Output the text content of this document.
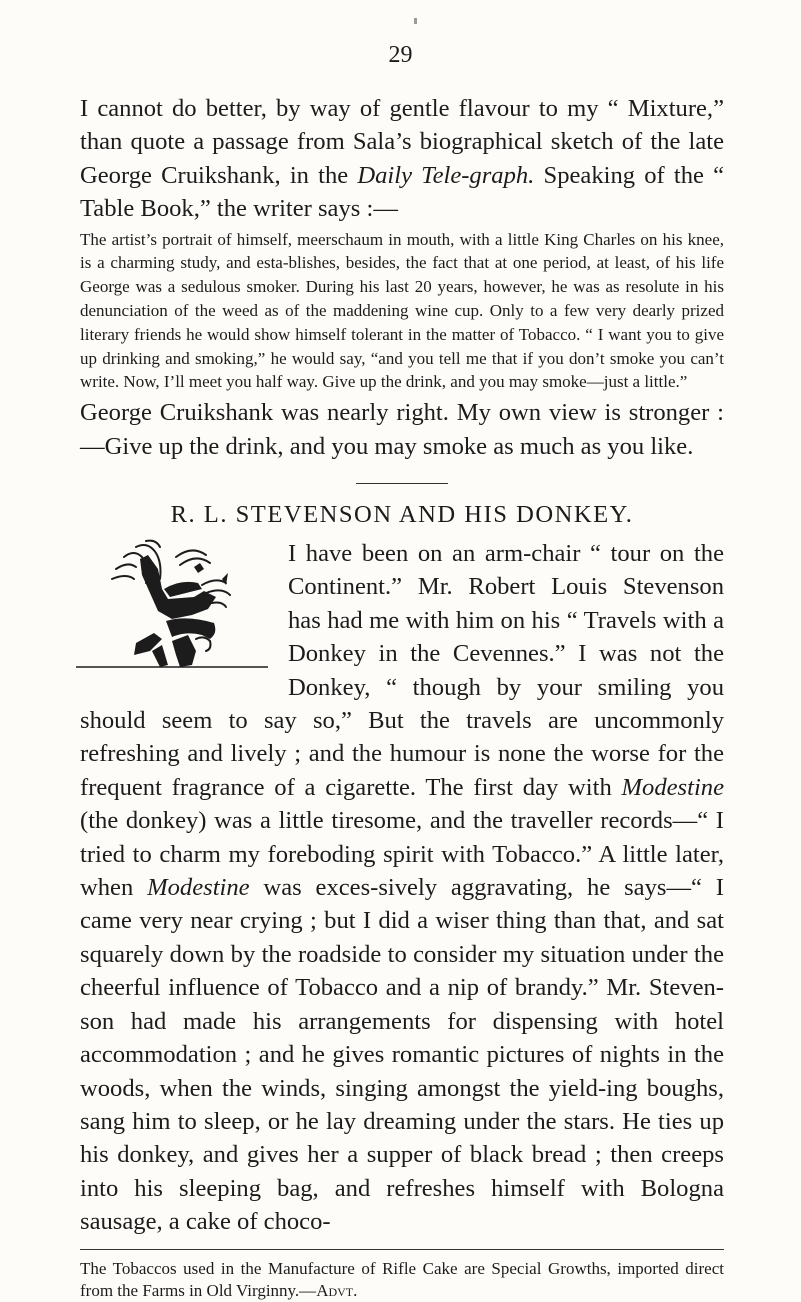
29

I cannot do better, by way of gentle flavour to my “ Mixture,” than quote a passage from Sala’s biographical sketch of the late George Cruikshank, in the Daily Tele-graph. Speaking of the “ Table Book,” the writer says :—

The artist’s portrait of himself, meerschaum in mouth, with a little King Charles on his knee, is a charming study, and esta-blishes, besides, the fact that at one period, at least, of his life George was a sedulous smoker. During his last 20 years, however, he was as resolute in his denunciation of the weed as of the maddening wine cup. Only to a few very dearly prized literary friends he would show himself tolerant in the matter of Tobacco. “ I want you to give up drinking and smoking,” he would say, “and you tell me that if you don’t smoke you can’t write. Now, I’ll meet you half way. Give up the drink, and you may smoke—just a little.”

George Cruikshank was nearly right. My own view is stronger :—Give up the drink, and you may smoke as much as you like.

R. L. STEVENSON AND HIS DONKEY.

I have been on an arm-chair “ tour on the Continent.” Mr. Robert Louis Stevenson has had me with him on his “ Travels with a Donkey in the Cevennes.” I was not the Donkey, “ though by your smiling you should seem to say so,” But the travels are uncommonly refreshing and lively ; and the humour is none the worse for the frequent fragrance of a cigarette. The first day with Modestine (the donkey) was a little tiresome, and the traveller records—“ I tried to charm my foreboding spirit with Tobacco.” A little later, when Modestine was exces-sively aggravating, he says—“ I came very near crying ; but I did a wiser thing than that, and sat squarely down by the roadside to consider my situation under the cheerful influence of Tobacco and a nip of brandy.” Mr. Steven-son had made his arrangements for dispensing with hotel accommodation ; and he gives romantic pictures of nights in the woods, when the winds, singing amongst the yield-ing boughs, sang him to sleep, or he lay dreaming under the stars. He ties up his donkey, and gives her a supper of black bread ; then creeps into his sleeping bag, and refreshes himself with Bologna sausage, a cake of choco-

The Tobaccos used in the Manufacture of Rifle Cake are Special Growths, imported direct from the Farms in Old Virginny.—Advt.
